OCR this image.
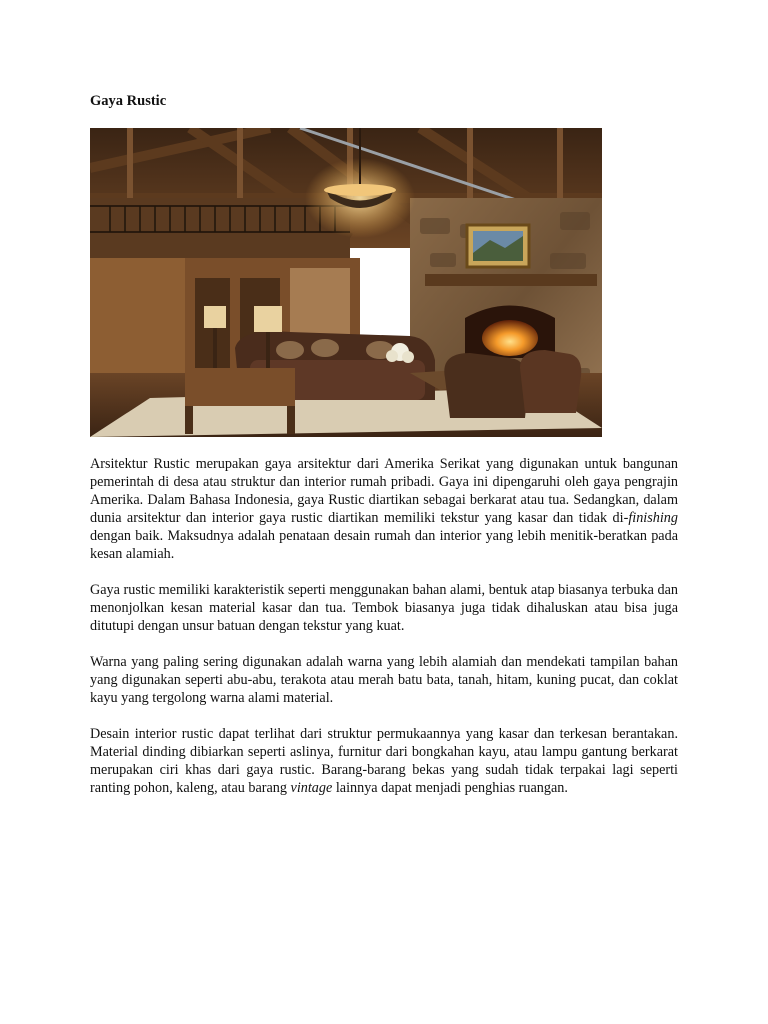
Gaya Rustic

Arsitektur Rustic merupakan gaya arsitektur dari Amerika Serikat yang digunakan untuk bangunan pemerintah di desa atau struktur dan interior rumah pribadi. Gaya ini dipengaruhi oleh gaya pengrajin Amerika. Dalam Bahasa Indonesia, gaya Rustic diartikan sebagai berkarat atau tua. Sedangkan, dalam dunia arsitektur dan interior gaya rustic diartikan memiliki tekstur yang kasar dan tidak di-finishing dengan baik. Maksudnya adalah penataan desain rumah dan interior yang lebih menitik-beratkan pada kesan alamiah.

Gaya rustic memiliki karakteristik seperti menggunakan bahan alami, bentuk atap biasanya terbuka dan menonjolkan kesan material kasar dan tua. Tembok biasanya juga tidak dihaluskan atau bisa juga ditutupi dengan unsur batuan dengan tekstur yang kuat.

Warna yang paling sering digunakan adalah warna yang lebih alamiah dan mendekati tampilan bahan yang digunakan seperti abu-abu, terakota atau merah batu bata, tanah, hitam, kuning pucat, dan coklat kayu yang tergolong warna alami material.

Desain interior rustic dapat terlihat dari struktur permukaannya yang kasar dan terkesan berantakan. Material dinding dibiarkan seperti aslinya, furnitur dari bongkahan kayu, atau lampu gantung berkarat merupakan ciri khas dari gaya rustic. Barang-barang bekas yang sudah tidak terpakai lagi seperti ranting pohon, kaleng, atau barang vintage lainnya dapat menjadi penghias ruangan.
